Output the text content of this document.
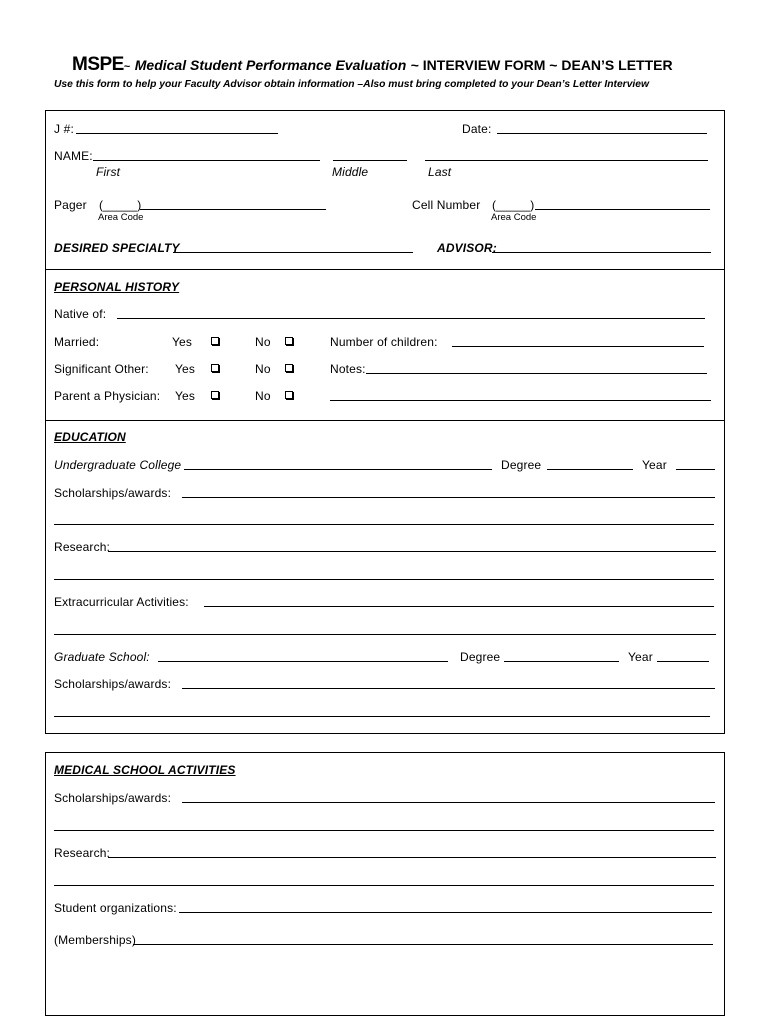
MSPE~ Medical Student Performance Evaluation ~ INTERVIEW FORM ~ DEAN’S LETTER
Use this form to help your Faculty Advisor obtain information –Also must bring completed to your Dean’s Letter Interview
J #:	Date:
NAME:
First	Middle	Last
Pager (_____)
Area Code
Cell Number (_____)
Area Code
DESIRED SPECIALTY	ADVISOR:
PERSONAL HISTORY
Native of:
Married:	Yes	No	Number of children:
Significant Other: Yes	No	Notes:
Parent a Physician: Yes	No
EDUCATION
Undergraduate College	Degree	Year
Scholarships/awards:
Research:
Extracurricular Activities:
Graduate School:	Degree	Year
Scholarships/awards:
MEDICAL SCHOOL ACTIVITIES
Scholarships/awards:
Research:
Student organizations:
(Memberships)
